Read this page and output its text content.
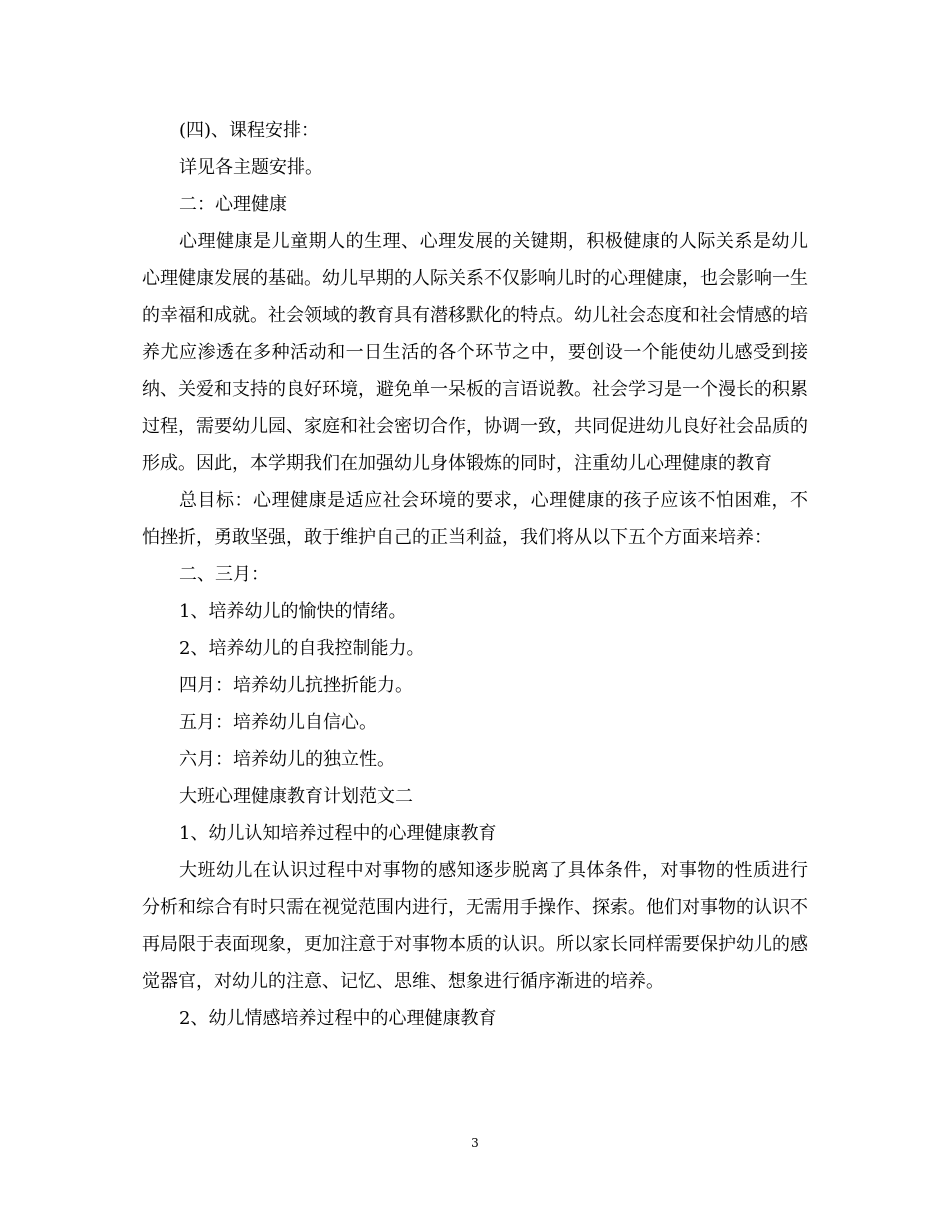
(四)、课程安排：

详见各主题安排。

二：心理健康

心理健康是儿童期人的生理、心理发展的关键期，积极健康的人际关系是幼儿心理健康发展的基础。幼儿早期的人际关系不仅影响儿时的心理健康，也会影响一生的幸福和成就。社会领域的教育具有潜移默化的特点。幼儿社会态度和社会情感的培养尤应渗透在多种活动和一日生活的各个环节之中，要创设一个能使幼儿感受到接纳、关爱和支持的良好环境，避免单一呆板的言语说教。社会学习是一个漫长的积累过程，需要幼儿园、家庭和社会密切合作，协调一致，共同促进幼儿良好社会品质的形成。因此，本学期我们在加强幼儿身体锻炼的同时，注重幼儿心理健康的教育

总目标：心理健康是适应社会环境的要求，心理健康的孩子应该不怕困难，不怕挫折，勇敢坚强，敢于维护自己的正当利益，我们将从以下五个方面来培养：

二、三月：

1、培养幼儿的愉快的情绪。

2、培养幼儿的自我控制能力。

四月：培养幼儿抗挫折能力。

五月：培养幼儿自信心。

六月：培养幼儿的独立性。

大班心理健康教育计划范文二

1、幼儿认知培养过程中的心理健康教育

大班幼儿在认识过程中对事物的感知逐步脱离了具体条件，对事物的性质进行分析和综合有时只需在视觉范围内进行，无需用手操作、探索。他们对事物的认识不再局限于表面现象，更加注意于对事物本质的认识。所以家长同样需要保护幼儿的感觉器官，对幼儿的注意、记忆、思维、想象进行循序渐进的培养。

2、幼儿情感培养过程中的心理健康教育

3
